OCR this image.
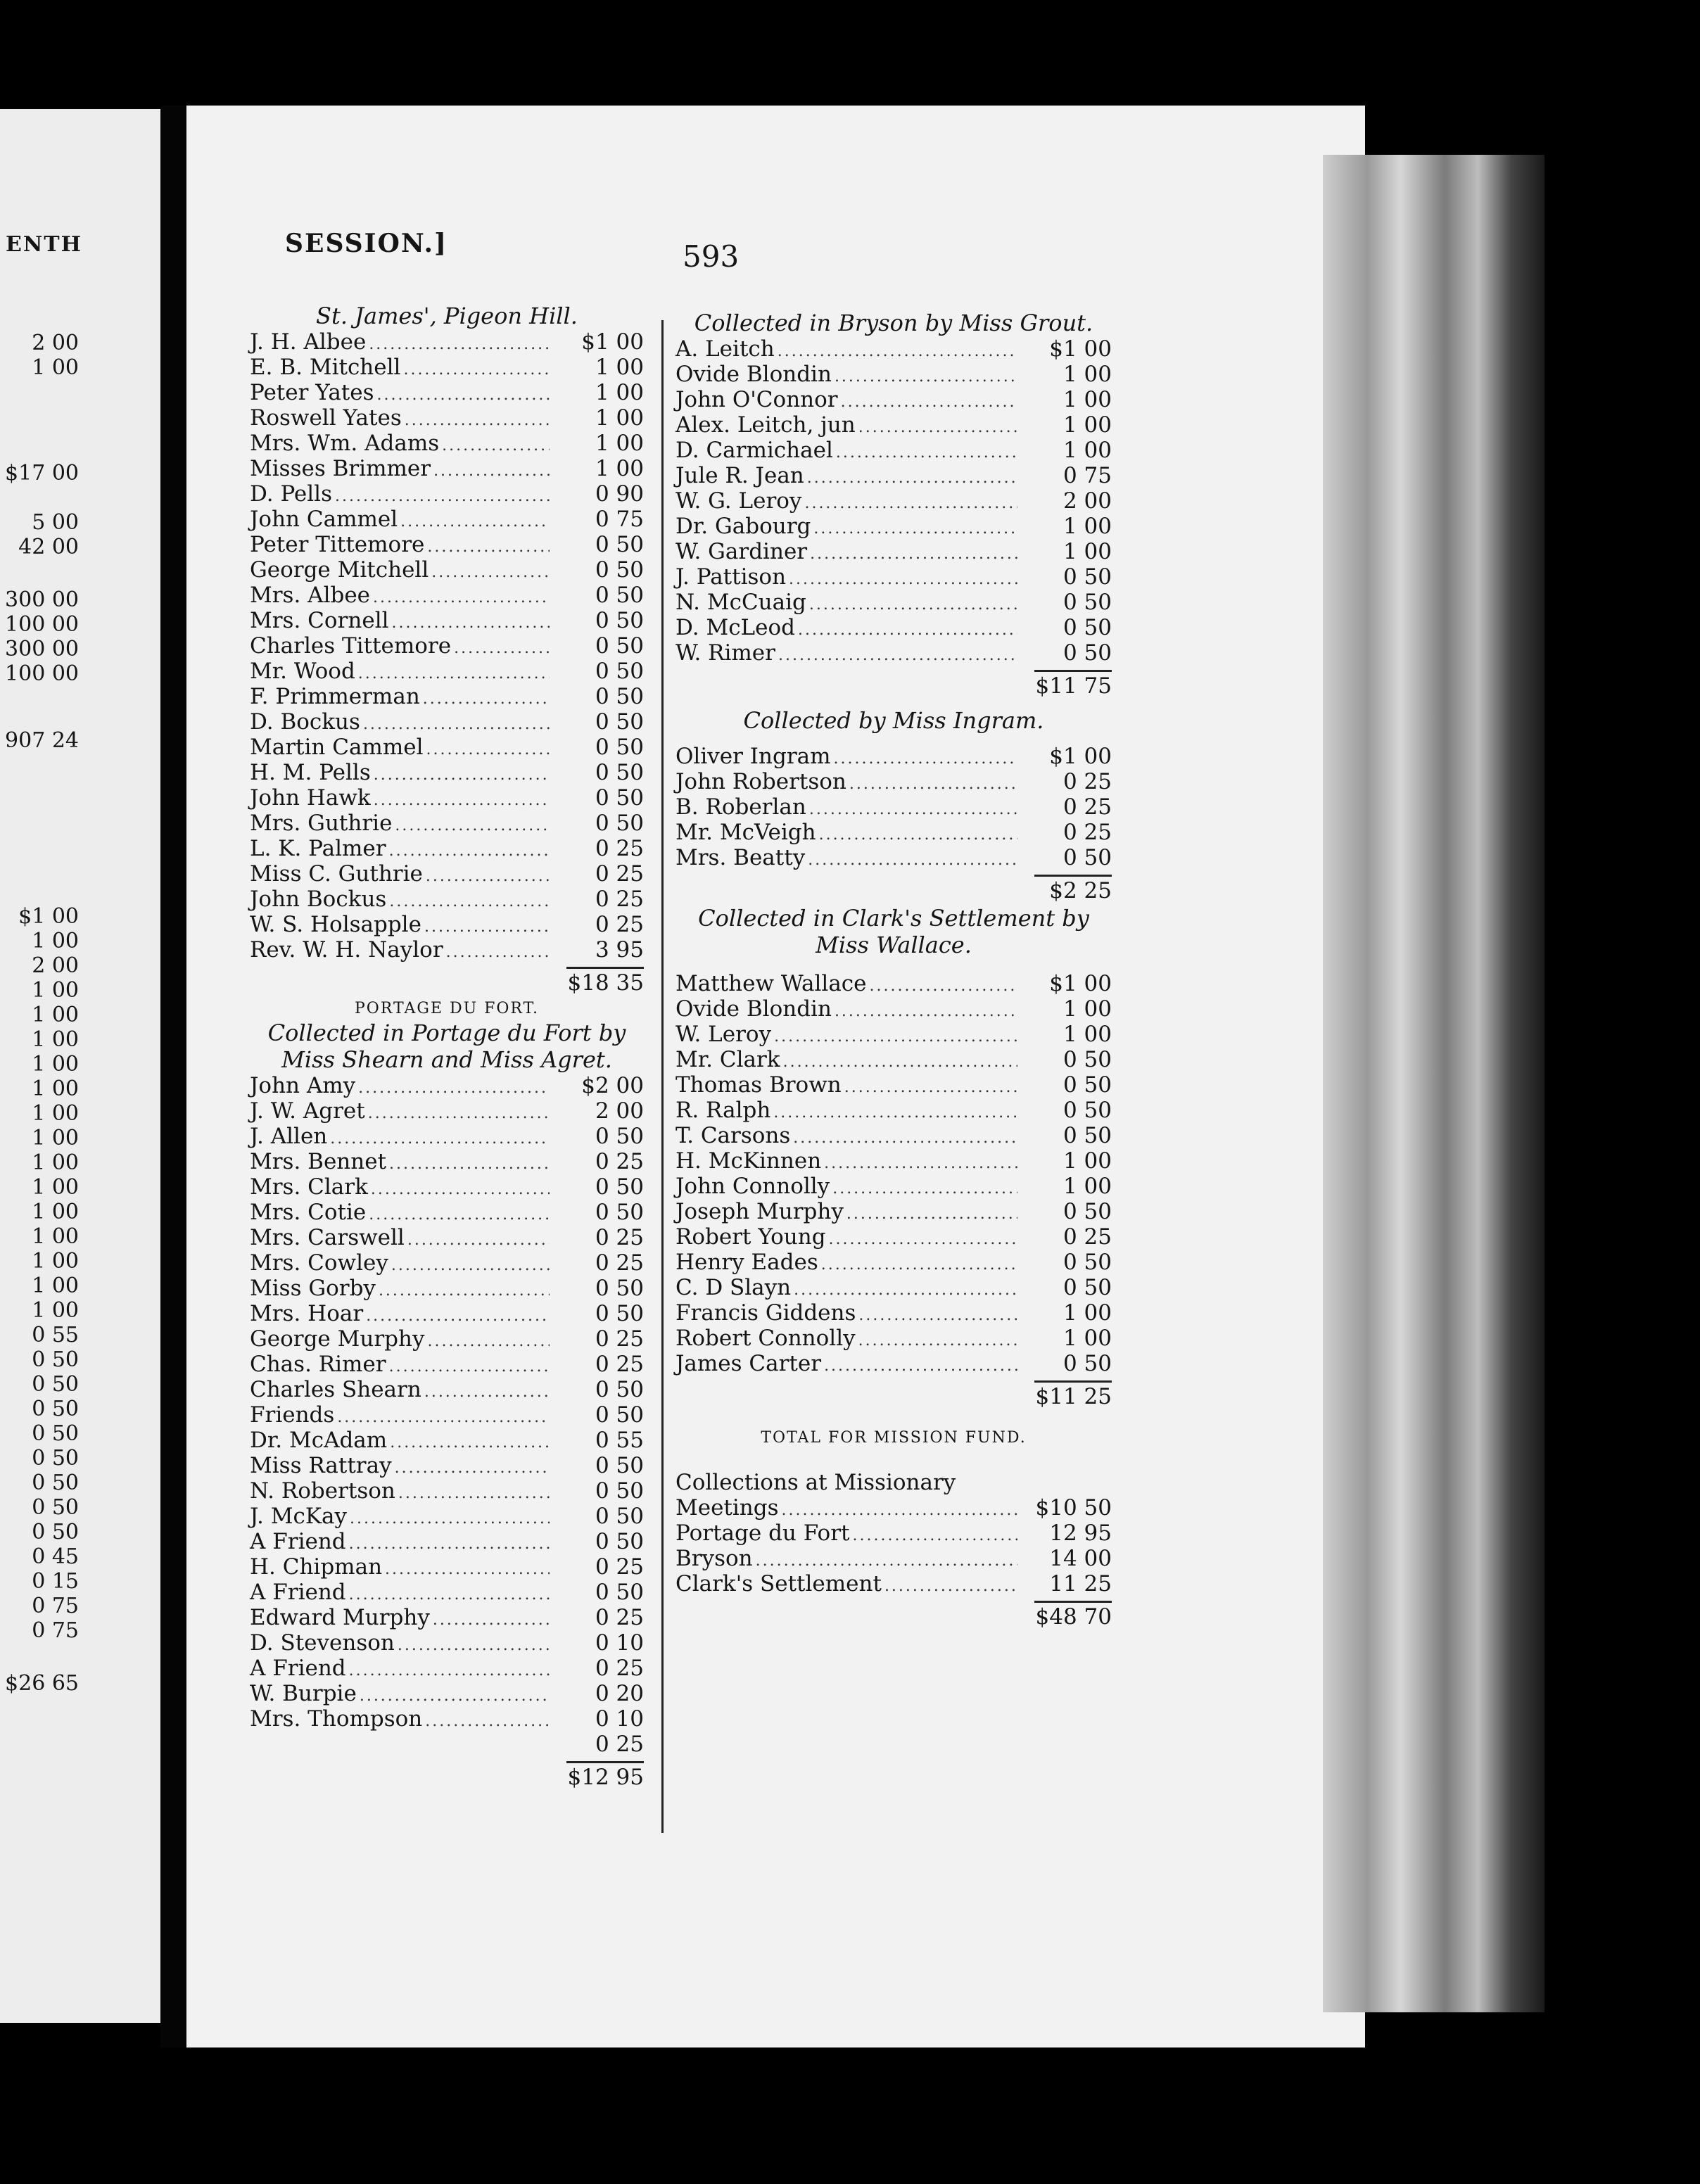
ENTH
2 00
1 00
$17 00
5 00
42 00
300 00
100 00
300 00
100 00
907 24
$1 00
1 00
2 00
1 00
1 00
1 00
1 00
1 00
1 00
1 00
1 00
1 00
1 00
1 00
1 00
1 00
1 00
0 55
0 50
0 50
0 50
0 50
0 50
0 50
0 50
0 50
0 45
0 15
0 75
0 75
$26 65
SESSION.]	593
St. James', Pigeon Hill.
J. H. Albee .....	$1 00
E. B. Mitchell .....	1 00
Peter Yates .....	1 00
Roswell Yates .....	1 00
Mrs. Wm. Adams .....	1 00
Misses Brimmer .....	1 00
D. Pells .....	0 90
John Cammel .....	0 75
Peter Tittemore .....	0 50
George Mitchell .....	0 50
Mrs. Albee .....	0 50
Mrs. Cornell .....	0 50
Charles Tittemore .....	0 50
Mr. Wood .....	0 50
F. Primmerman .....	0 50
D. Bockus .....	0 50
Martin Cammel .....	0 50
H. M. Pells .....	0 50
John Hawk .....	0 50
Mrs. Guthrie .....	0 50
L. K. Palmer .....	0 25
Miss C. Guthrie .....	0 25
John Bockus .....	0 25
W. S. Holsapple .....	0 25
Rev. W. H. Naylor .....	3 95
$18 35
PORTAGE DU FORT.
Collected in Portage du Fort by Miss Shearn and Miss Agret.
John Amy .....	$2 00
J. W. Agret .....	2 00
J. Allen .....	0 50
Mrs. Bennet .....	0 25
Mrs. Clark .....	0 50
Mrs. Cotie .....	0 50
Mrs. Carswell .....	0 25
Mrs. Cowley .....	0 25
Miss Gorby .....	0 50
Mrs. Hoar .....	0 50
George Murphy .....	0 25
Chas. Rimer .....	0 25
Charles Shearn .....	0 50
Friends .....	0 50
Dr. McAdam .....	0 55
Miss Rattray .....	0 50
N. Robertson .....	0 50
J. McKay .....	0 50
A Friend .....	0 50
H. Chipman .....	0 25
A Friend .....	0 50
Edward Murphy .....	0 25
D. Stevenson .....	0 10
A Friend .....	0 25
W. Burpie .....	0 20
Mrs. Thompson .....	0 10
0 25
$12 95
Collected in Bryson by Miss Grout.
A. Leitch .....	$1 00
Ovide Blondin .....	1 00
John O'Connor .....	1 00
Alex. Leitch, jun .....	1 00
D. Carmichael .....	1 00
Jule R. Jean .....	0 75
W. G. Leroy .....	2 00
Dr. Gabourg .....	1 00
W. Gardiner .....	1 00
J. Pattison .....	0 50
N. McCuaig .....	0 50
D. McLeod .....	0 50
W. Rimer .....	0 50
$11 75
Collected by Miss Ingram.
Oliver Ingram .....	$1 00
John Robertson .....	0 25
B. Roberlan .....	0 25
Mr. McVeigh .....	0 25
Mrs. Beatty .....	0 50
$2 25
Collected in Clark's Settlement by Miss Wallace.
Matthew Wallace .....	$1 00
Ovide Blondin .....	1 00
W. Leroy .....	1 00
Mr. Clark .....	0 50
Thomas Brown .....	0 50
R. Ralph .....	0 50
T. Carsons .....	0 50
H. McKinnen .....	1 00
John Connolly .....	1 00
Joseph Murphy .....	0 50
Robert Young .....	0 25
Henry Eades .....	0 50
C. D Slayn .....	0 50
Francis Giddens .....	1 00
Robert Connolly .....	1 00
James Carter .....	0 50
$11 25
TOTAL FOR MISSION FUND.
Collections at Missionary
Meetings .....	$10 50
Portage du Fort .....	12 95
Bryson .....	14 00
Clark's Settlement .....	11 25
$48 70
